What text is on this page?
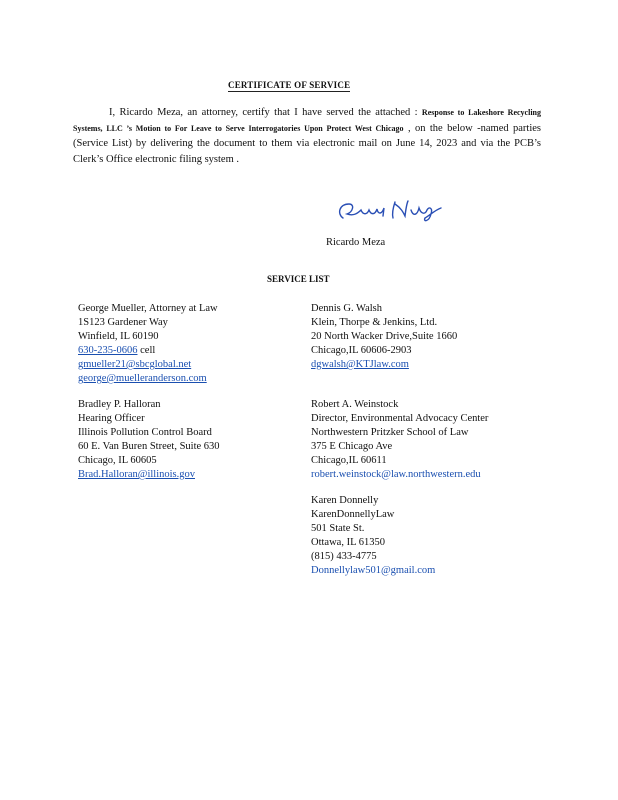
CERTIFICATE OF SERVICE
I, Ricardo Meza, an attorney, certify that I have served the attached : Response to Lakeshore Recycling Systems, LLC ’s Motion to For Leave to Serve Interrogatories Upon Protect West Chicago , on the below -named parties (Service List) by delivering the document to them via electronic mail on June 14, 2023 and via the PCB’s Clerk’s Office electronic filing system .
Ricardo Meza
SERVICE LIST
George Mueller, Attorney at Law
1S123 Gardener Way
Winfield, IL 60190
630-235-0606 cell
gmueller21@sbcglobal.net
george@muelleranderson.com
Bradley P. Halloran
Hearing Officer
Illinois Pollution Control Board
60 E. Van Buren Street, Suite 630
Chicago, IL 60605
Brad.Halloran@illinois.gov
Dennis G. Walsh
Klein, Thorpe & Jenkins, Ltd.
20 North Wacker Drive,Suite 1660
Chicago,IL 60606-2903
dgwalsh@KTJlaw.com
Robert A. Weinstock
Director, Environmental Advocacy Center
Northwestern Pritzker School of Law
375 E Chicago Ave
Chicago,IL 60611
robert.weinstock@law.northwestern.edu
Karen Donnelly
KarenDonnellyLaw
501 State St.
Ottawa, IL 61350
(815) 433-4775
Donnellylaw501@gmail.com
